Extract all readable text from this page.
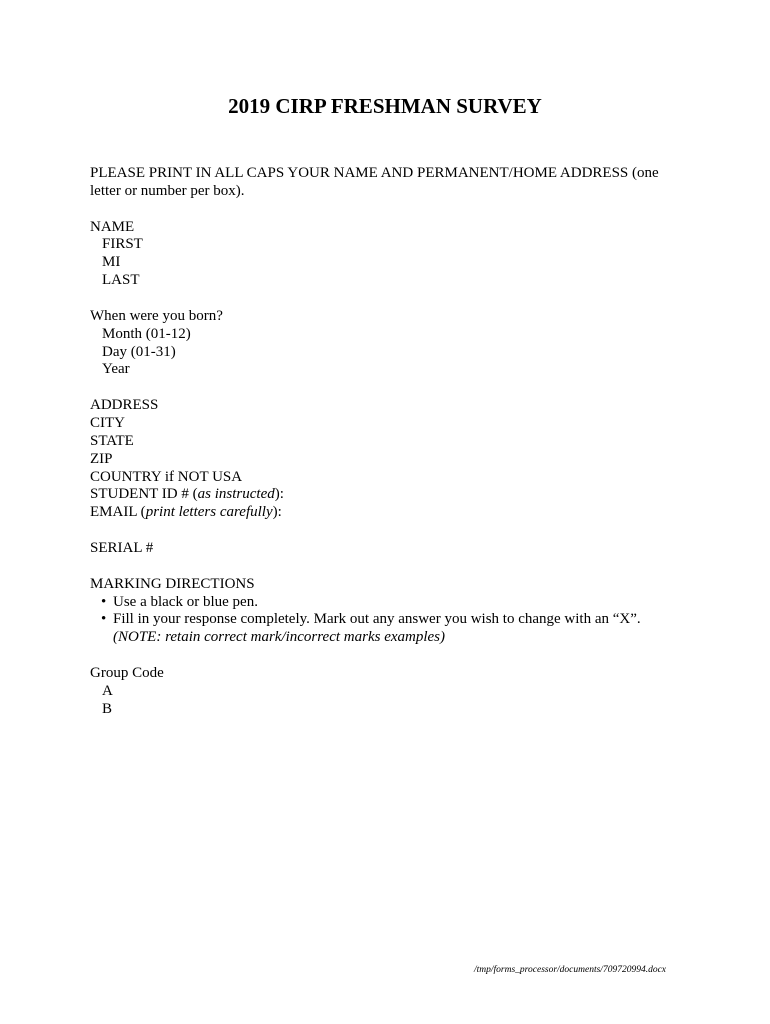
2019 CIRP FRESHMAN SURVEY
PLEASE PRINT IN ALL CAPS YOUR NAME AND PERMANENT/HOME ADDRESS (one
letter or number per box).
NAME
FIRST
MI
LAST
When were you born?
Month (01-12)
Day (01-31)
Year
ADDRESS
CITY
STATE
ZIP
COUNTRY if NOT USA
STUDENT ID # (as instructed):
EMAIL (print letters carefully):
SERIAL #
MARKING DIRECTIONS
• Use a black or blue pen.
• Fill in your response completely. Mark out any answer you wish to change with an “X”.
(NOTE: retain correct mark/incorrect marks examples)
Group Code
A
B
/tmp/forms_processor/documents/709720994.docx
